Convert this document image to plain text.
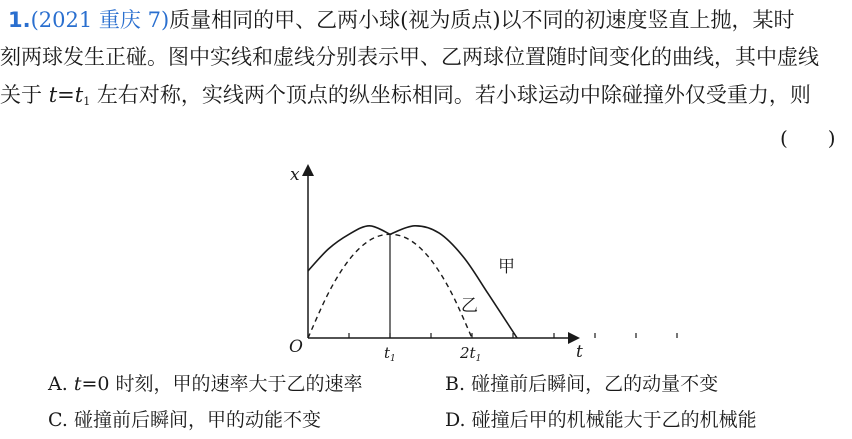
1.(2021 重庆 7)质量相同的甲、乙两小球(视为质点)以不同的初速度竖直上抛，某时
刻两球发生正碰。图中实线和虚线分别表示甲、乙两球位置随时间变化的曲线，其中虚线
关于 $t=t_1$ 左右对称，实线两个顶点的纵坐标相同。若小球运动中除碰撞外仅受重力，则
(　　)
x
t
O	$t_1$	$2t_1$
甲
乙
A. t=0 时刻，甲的速率大于乙的速率	B. 碰撞前后瞬间，乙的动量不变
C. 碰撞前后瞬间，甲的动能不变	D. 碰撞后甲的机械能大于乙的机械能
